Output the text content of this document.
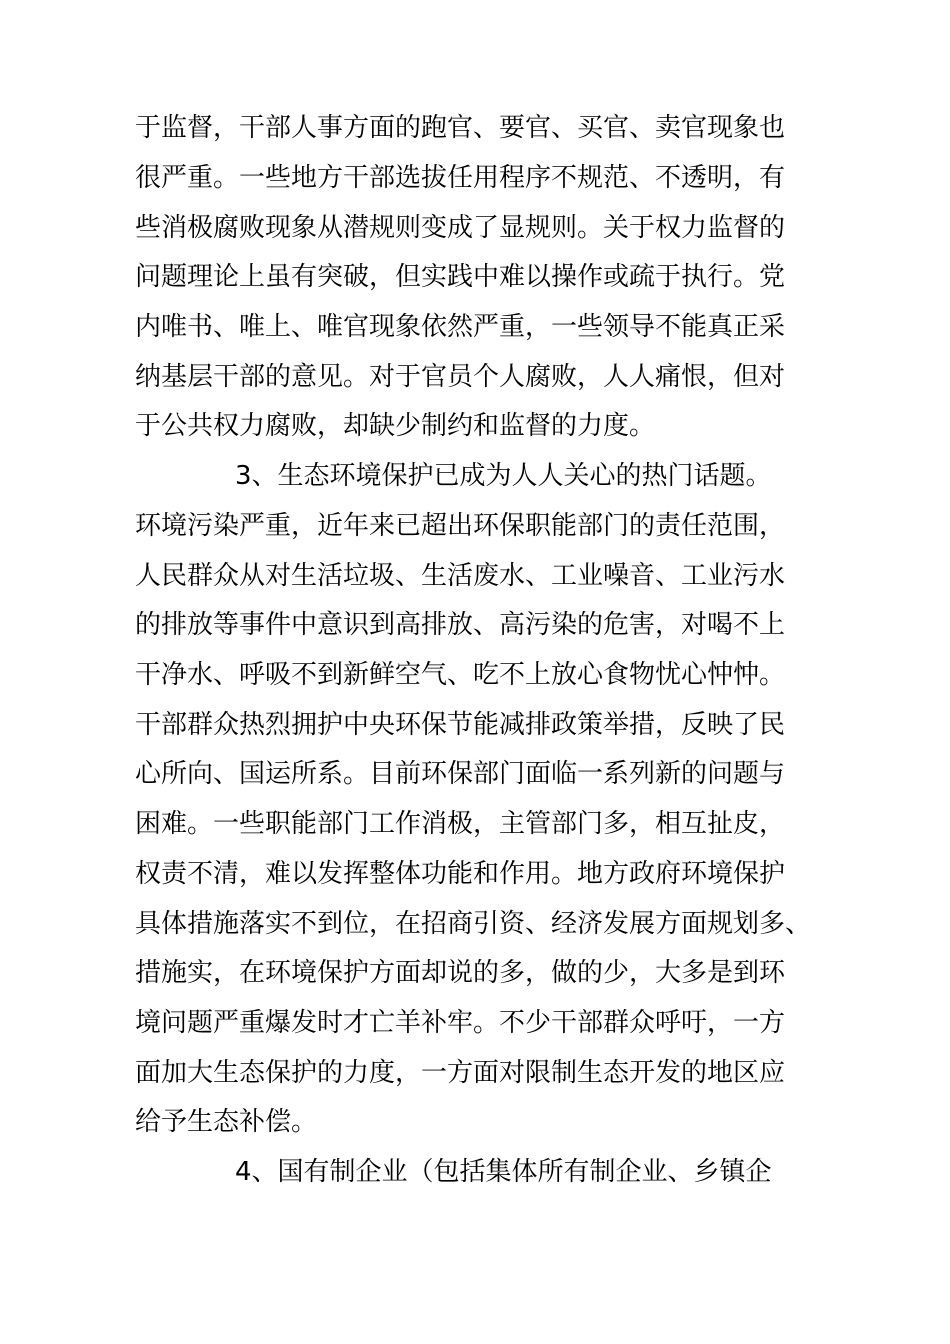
于监督，干部人事方面的跑官、要官、买官、卖官现象也
很严重。一些地方干部选拔任用程序不规范、不透明，有
些消极腐败现象从潜规则变成了显规则。关于权力监督的
问题理论上虽有突破，但实践中难以操作或疏于执行。党
内唯书、唯上、唯官现象依然严重，一些领导不能真正采
纳基层干部的意见。对于官员个人腐败，人人痛恨，但对
于公共权力腐败，却缺少制约和监督的力度。
3、生态环境保护已成为人人关心的热门话题。
环境污染严重，近年来已超出环保职能部门的责任范围，
人民群众从对生活垃圾、生活废水、工业噪音、工业污水
的排放等事件中意识到高排放、高污染的危害，对喝不上
干净水、呼吸不到新鲜空气、吃不上放心食物忧心忡忡。
干部群众热烈拥护中央环保节能减排政策举措，反映了民
心所向、国运所系。目前环保部门面临一系列新的问题与
困难。一些职能部门工作消极，主管部门多，相互扯皮，
权责不清，难以发挥整体功能和作用。地方政府环境保护
具体措施落实不到位，在招商引资、经济发展方面规划多、
措施实，在环境保护方面却说的多，做的少，大多是到环
境问题严重爆发时才亡羊补牢。不少干部群众呼吁，一方
面加大生态保护的力度，一方面对限制生态开发的地区应
给予生态补偿。
4、国有制企业（包括集体所有制企业、乡镇企
